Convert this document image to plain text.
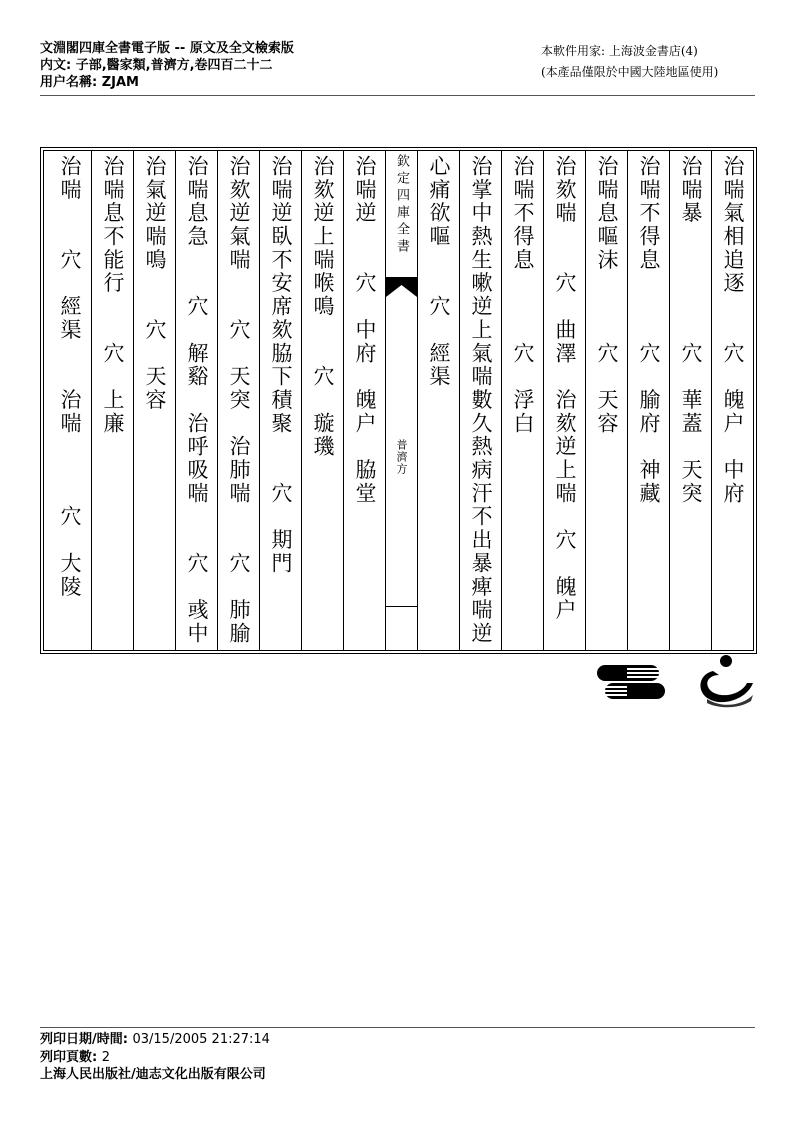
文淵閣四庫全書電子版 -- 原文及全文檢索版
内文: 子部,醫家類,普濟方,卷四百二十二
用户名稱: ZJAM
本軟件用家: 上海波金書店(4)
(本產品僅限於中國大陸地區使用)
治喘氣相追逐　　穴　魄户　中府
治喘暴　　　　　穴　華蓋　天突
治喘不得息　　　穴　腧府　神藏
治喘息嘔沫　　　穴　天容
治欬喘　　穴　曲澤　治欬逆上喘　穴　魄户
治喘不得息　　　穴　浮白
治掌中熱生嗽逆上氣喘數久熱病汗不出暴痺喘逆
心痛欲嘔　　穴　經渠
欽定四庫全書
普濟方
治喘逆　　穴　中府　魄户　脇堂
治欬逆上喘喉鳴　　穴　璇璣
治喘逆臥不安席欬脇下積聚　　穴　期門
治欬逆氣喘　　穴　天突　治肺喘　　穴　肺腧
治喘息急　　穴　解谿　治呼吸喘　　穴　彧中
治氣逆喘鳴　　穴　天容
治喘息不能行　　穴　上廉
治喘　　穴　經渠　　治喘　　　穴　大陵
列印日期/時間: 03/15/2005 21:27:14
列印頁數: 2
上海人民出版社/迪志文化出版有限公司
